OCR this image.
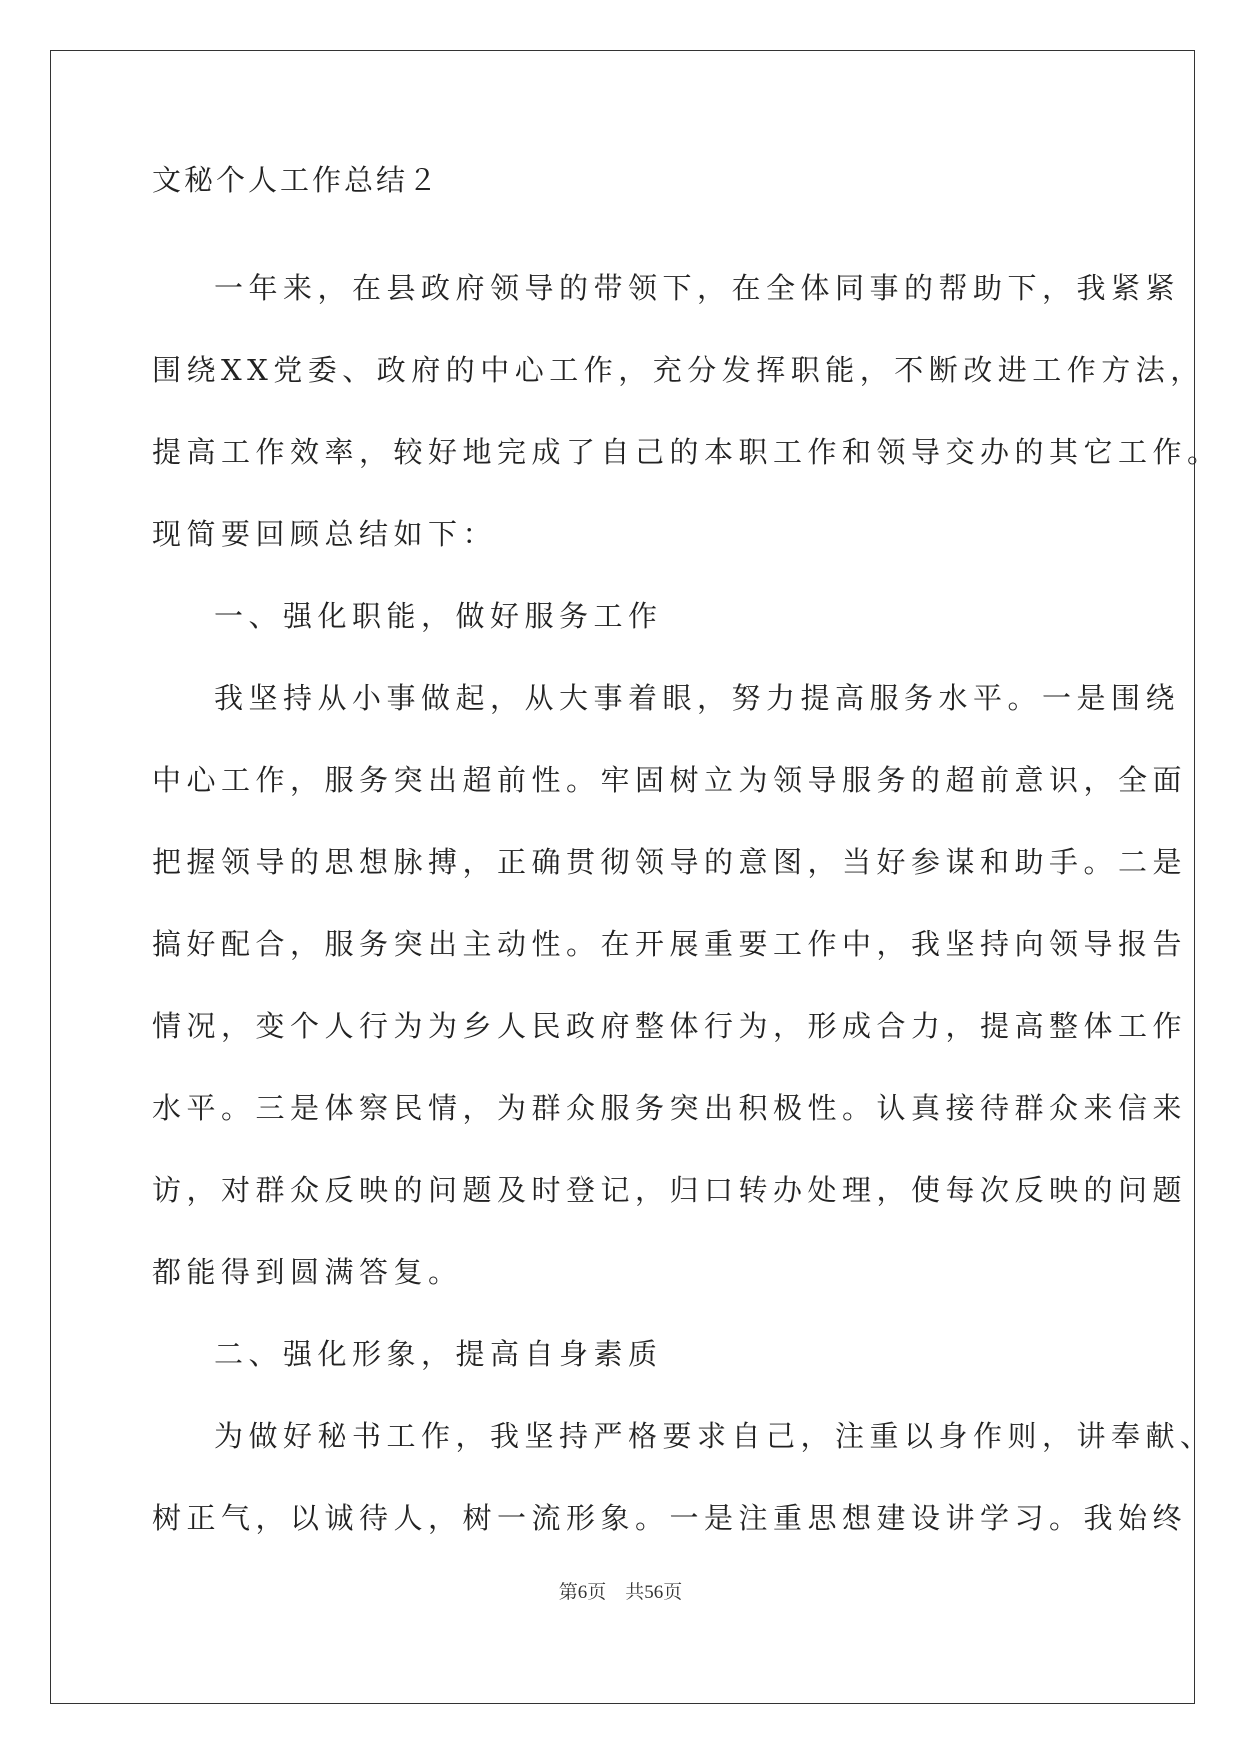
文秘个人工作总结２
一年来，在县政府领导的带领下，在全体同事的帮助下，我紧紧
围绕XX党委、政府的中心工作，充分发挥职能，不断改进工作方法，
提高工作效率，较好地完成了自己的本职工作和领导交办的其它工作。
现简要回顾总结如下：
一、强化职能，做好服务工作
我坚持从小事做起，从大事着眼，努力提高服务水平。一是围绕
中心工作，服务突出超前性。牢固树立为领导服务的超前意识，全面
把握领导的思想脉搏，正确贯彻领导的意图，当好参谋和助手。二是
搞好配合，服务突出主动性。在开展重要工作中，我坚持向领导报告
情况，变个人行为为乡人民政府整体行为，形成合力，提高整体工作
水平。三是体察民情，为群众服务突出积极性。认真接待群众来信来
访，对群众反映的问题及时登记，归口转办处理，使每次反映的问题
都能得到圆满答复。
二、强化形象，提高自身素质
为做好秘书工作，我坚持严格要求自己，注重以身作则，讲奉献、
树正气，以诚待人，树一流形象。一是注重思想建设讲学习。我始终
第6页　共56页
